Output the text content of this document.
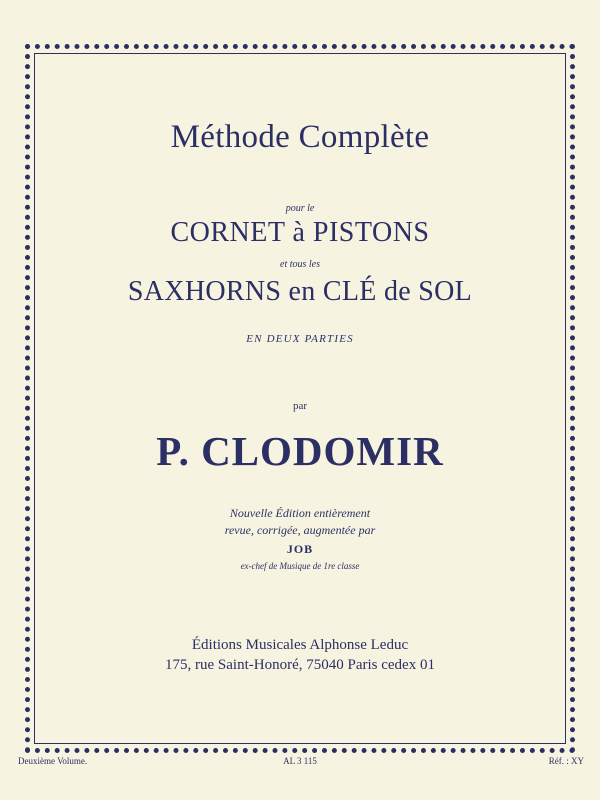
Méthode Complète
pour le
CORNET à PISTONS
et tous les
SAXHORNS en CLÉ de SOL
EN DEUX PARTIES
par
P. CLODOMIR
Nouvelle Édition entièrement
revue, corrigée, augmentée par
JOB
ex-chef de Musique de 1re classe
Éditions Musicales Alphonse Leduc
175, rue Saint-Honoré, 75040 Paris cedex 01
Deuxième Volume.	AL 3 115	Réf. : XY
